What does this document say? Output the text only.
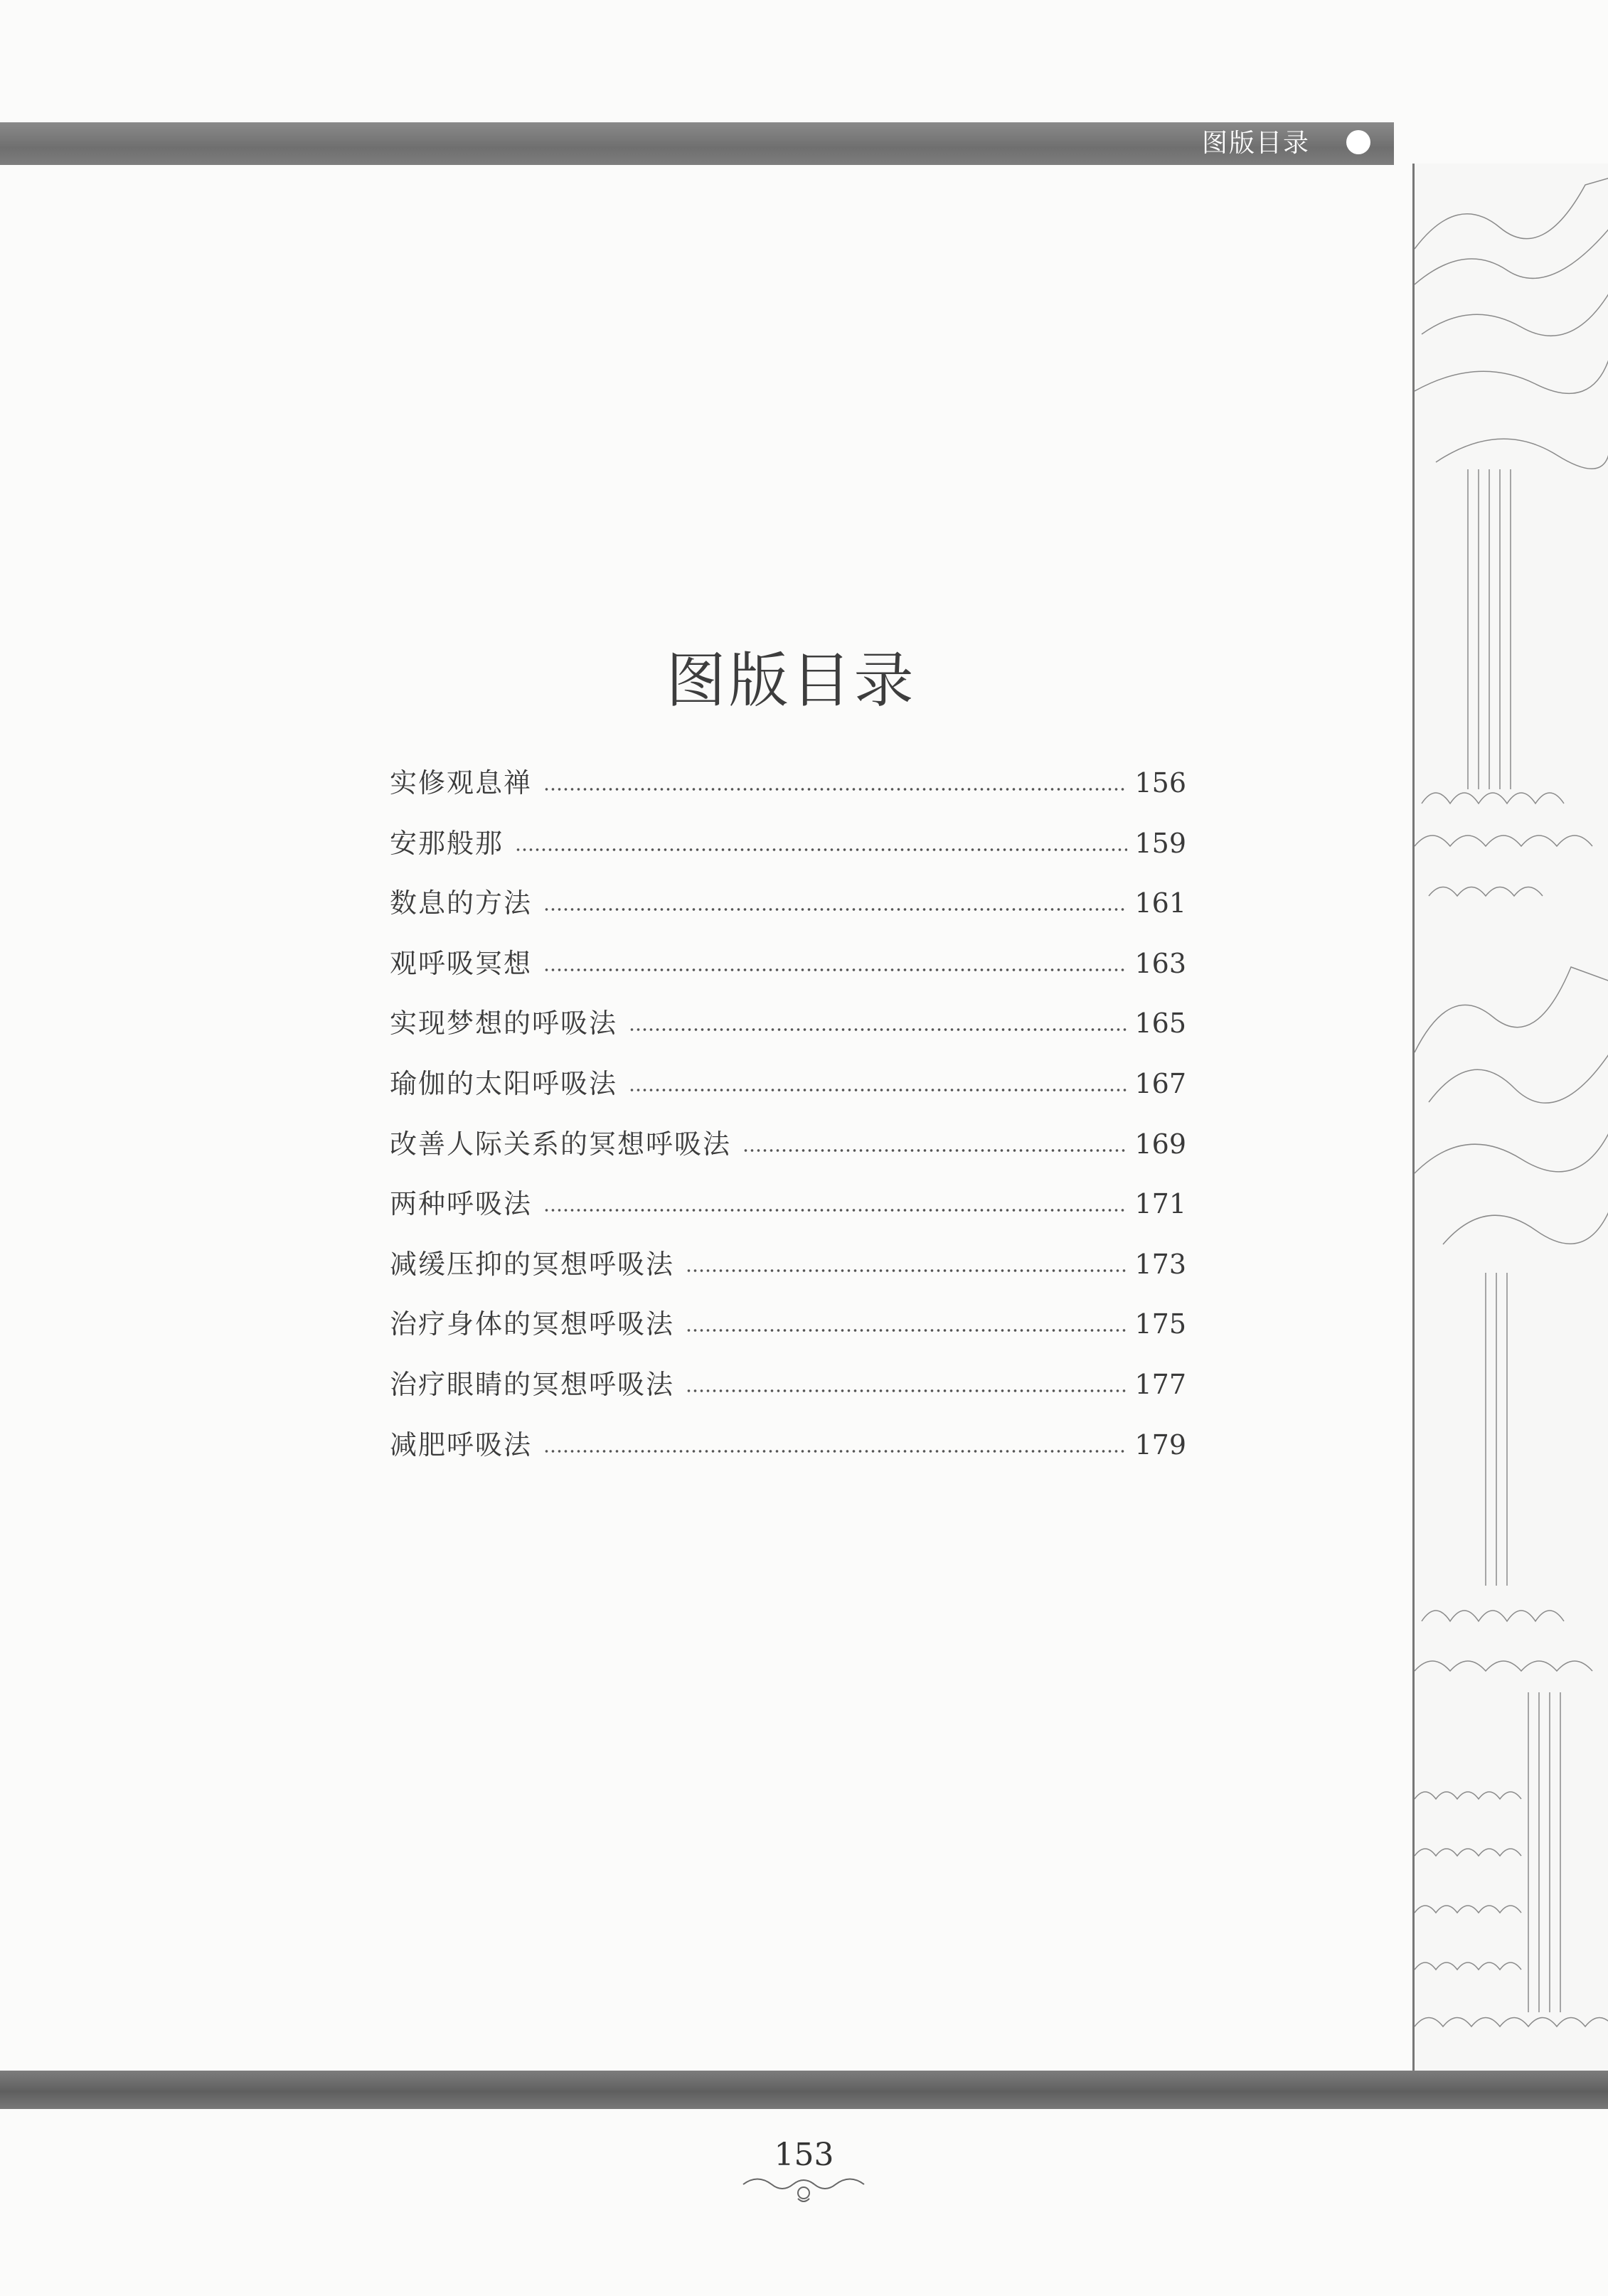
图版目录
图版目录
实修观息禅	156
安那般那	159
数息的方法	161
观呼吸冥想	163
实现梦想的呼吸法	165
瑜伽的太阳呼吸法	167
改善人际关系的冥想呼吸法	169
两种呼吸法	171
减缓压抑的冥想呼吸法	173
治疗身体的冥想呼吸法	175
治疗眼睛的冥想呼吸法	177
减肥呼吸法	179
153
